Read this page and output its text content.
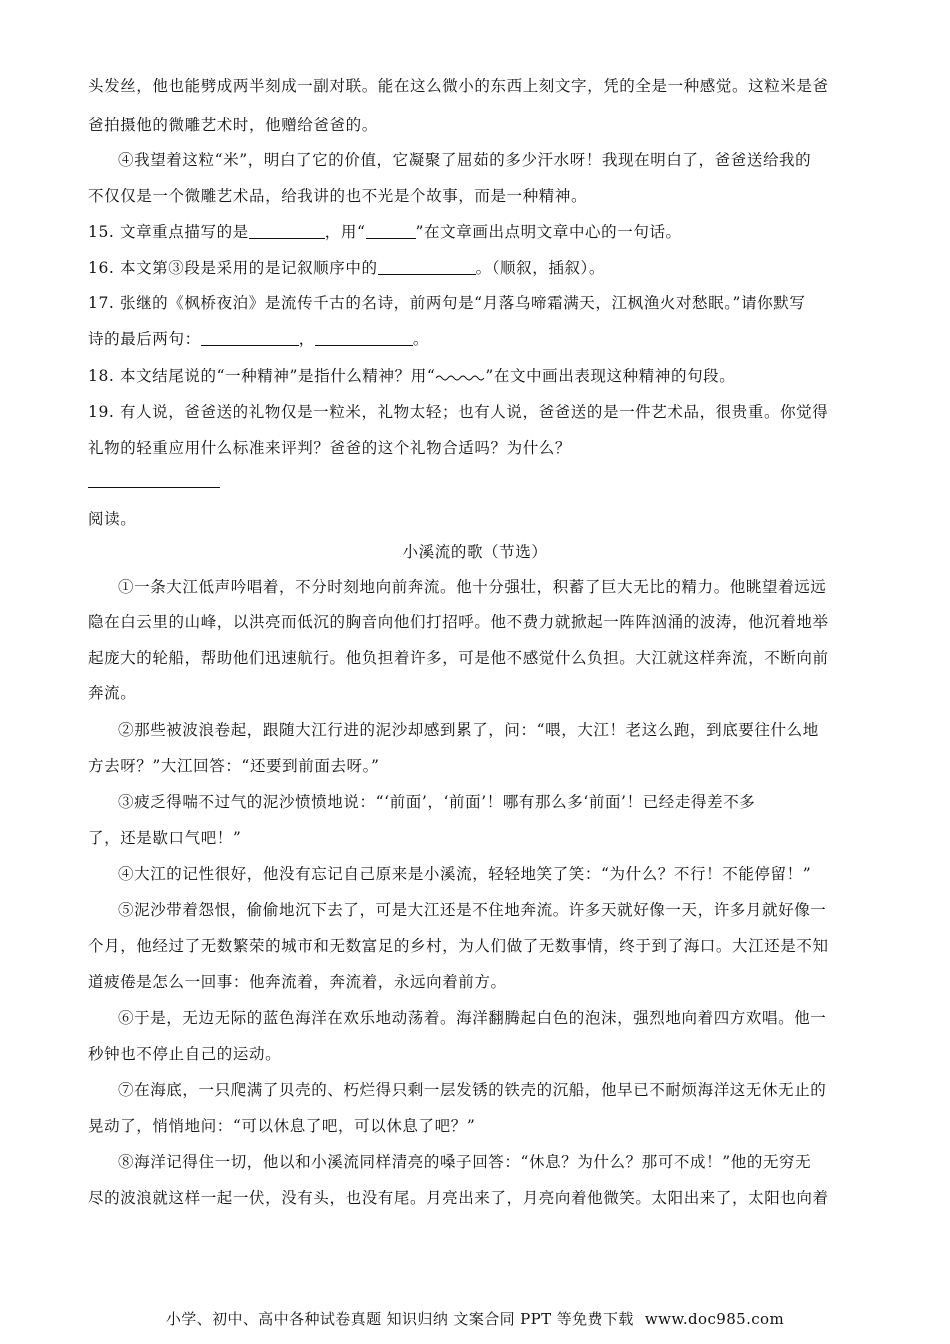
头发丝，他也能劈成两半刻成一副对联。能在这么微小的东西上刻文字，凭的全是一种感觉。这粒米是爸
爸拍摄他的微雕艺术时，他赠给爸爸的。
④我望着这粒“米”，明白了它的价值，它凝聚了屈茹的多少汗水呀！我现在明白了，爸爸送给我的
不仅仅是一个微雕艺术品，给我讲的也不光是个故事，而是一种精神。
15. 文章重点描写的是	，用“	”在文章画出点明文章中心的一句话。
16. 本文第③段是采用的是记叙顺序中的	。（顺叙，插叙）。
17. 张继的《枫桥夜泊》是流传千古的名诗，前两句是“月落乌啼霜满天，江枫渔火对愁眠。”请你默写
诗的最后两句：	，	。
18. 本文结尾说的“一种精神”是指什么精神？用“	”在文中画出表现这种精神的句段。
19. 有人说，爸爸送的礼物仅是一粒米，礼物太轻；也有人说，爸爸送的是一件艺术品，很贵重。你觉得
礼物的轻重应用什么标准来评判？爸爸的这个礼物合适吗？为什么？
阅读。
小溪流的歌（节选）
①一条大江低声吟唱着，不分时刻地向前奔流。他十分强壮，积蓄了巨大无比的精力。他眺望着远远
隐在白云里的山峰，以洪亮而低沉的胸音向他们打招呼。他不费力就掀起一阵阵汹涌的波涛，他沉着地举
起庞大的轮船，帮助他们迅速航行。他负担着许多，可是他不感觉什么负担。大江就这样奔流，不断向前
奔流。
②那些被波浪卷起，跟随大江行进的泥沙却感到累了，问：“喂，大江！老这么跑，到底要往什么地
方去呀？”大江回答：“还要到前面去呀。”
③疲乏得喘不过气的泥沙愤愤地说：“‘前面’，‘前面’！哪有那么多‘前面’！已经走得差不多
了，还是歇口气吧！”
④大江的记性很好，他没有忘记自己原来是小溪流，轻轻地笑了笑：“为什么？不行！不能停留！”
⑤泥沙带着怨恨，偷偷地沉下去了，可是大江还是不住地奔流。许多天就好像一天，许多月就好像一
个月，他经过了无数繁荣的城市和无数富足的乡村，为人们做了无数事情，终于到了海口。大江还是不知
道疲倦是怎么一回事：他奔流着，奔流着，永远向着前方。
⑥于是，无边无际的蓝色海洋在欢乐地动荡着。海洋翻腾起白色的泡沫，强烈地向着四方欢唱。他一
秒钟也不停止自己的运动。
⑦在海底，一只爬满了贝壳的、朽烂得只剩一层发锈的铁壳的沉船，他早已不耐烦海洋这无休无止的
晃动了，悄悄地问：“可以休息了吧，可以休息了吧？”
⑧海洋记得住一切，他以和小溪流同样清亮的嗓子回答：“休息？为什么？那可不成！”他的无穷无
尽的波浪就这样一起一伏，没有头，也没有尾。月亮出来了，月亮向着他微笑。太阳出来了，太阳也向着
小学、初中、高中各种试卷真题 知识归纳 文案合同 PPT 等免费下载 www.doc985.com
